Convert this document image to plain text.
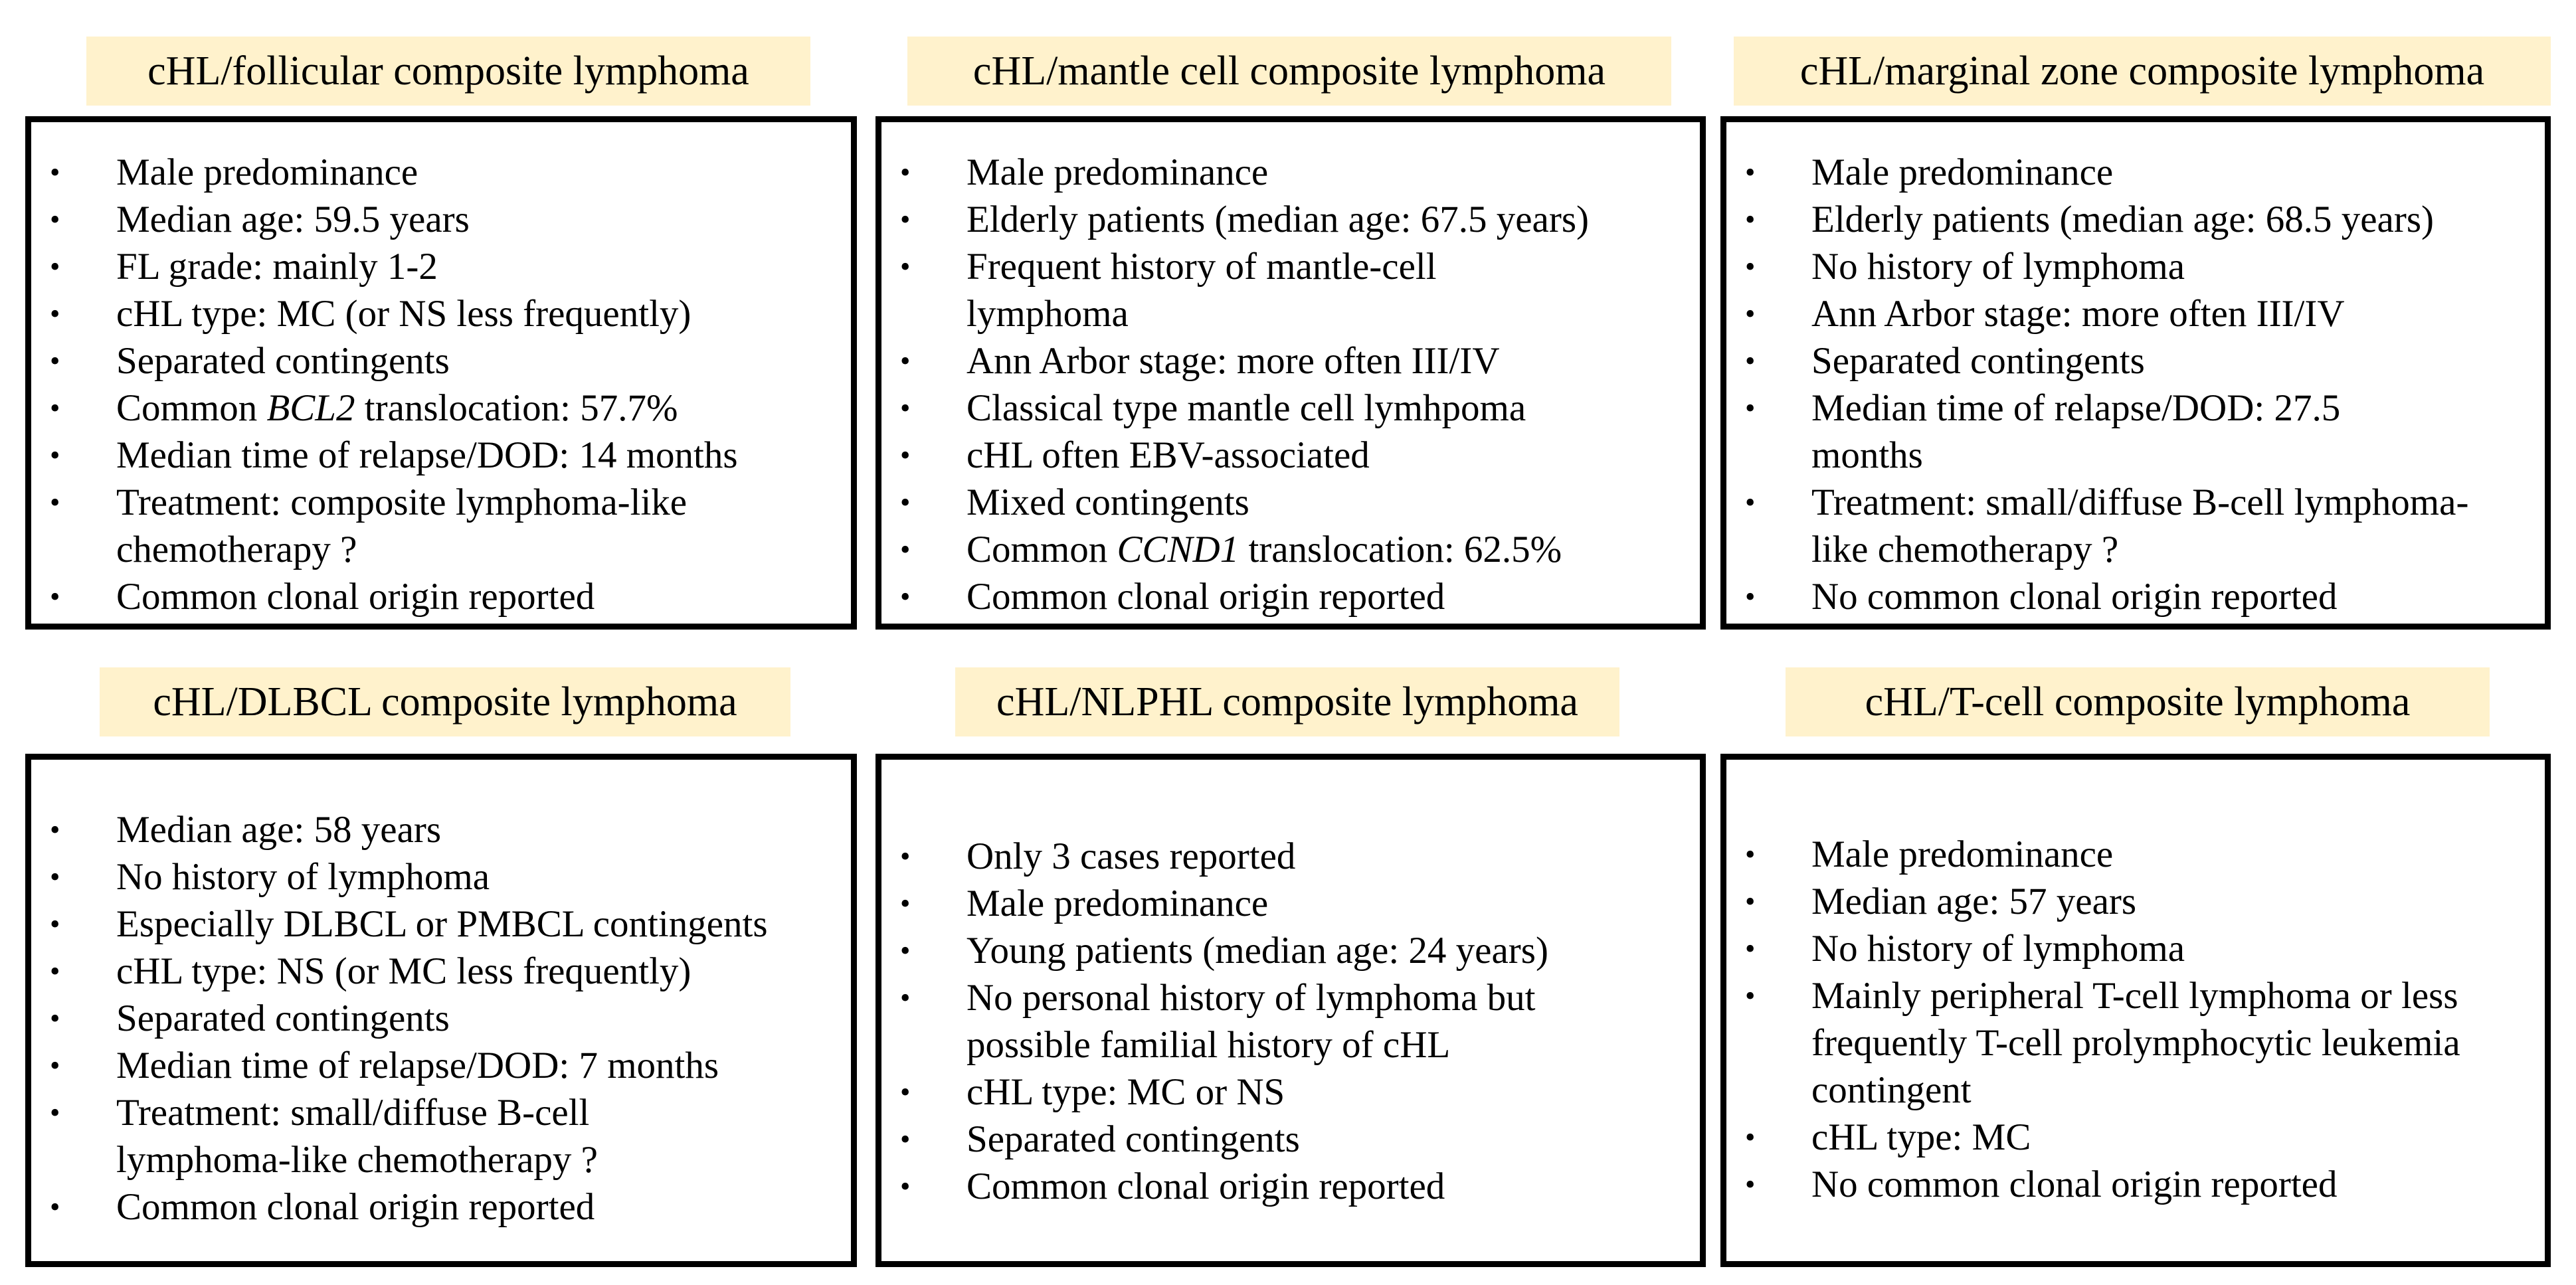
cHL/follicular composite lymphoma
• Male predominance
• Median age: 59.5 years
• FL grade: mainly 1-2
• cHL type: MC (or NS less frequently)
• Separated contingents
• Common BCL2 translocation: 57.7%
• Median time of relapse/DOD: 14 months
• Treatment: composite lymphoma-like chemotherapy ?
• Common clonal origin reported
cHL/mantle cell composite lymphoma
• Male predominance
• Elderly patients (median age: 67.5 years)
• Frequent history of mantle-cell lymphoma
• Ann Arbor stage: more often III/IV
• Classical type mantle cell lymhpoma
• cHL often EBV-associated
• Mixed contingents
• Common CCND1 translocation: 62.5%
• Common clonal origin reported
cHL/marginal zone composite lymphoma
• Male predominance
• Elderly patients (median age: 68.5 years)
• No history of lymphoma
• Ann Arbor stage: more often III/IV
• Separated contingents
• Median time of relapse/DOD: 27.5 months
• Treatment: small/diffuse B-cell lymphoma-like chemotherapy ?
• No common clonal origin reported
cHL/DLBCL composite lymphoma
• Median age: 58 years
• No history of lymphoma
• Especially DLBCL or PMBCL contingents
• cHL type: NS (or MC less frequently)
• Separated contingents
• Median time of relapse/DOD: 7 months
• Treatment: small/diffuse B-cell lymphoma-like chemotherapy ?
• Common clonal origin reported
cHL/NLPHL composite lymphoma
• Only 3 cases reported
• Male predominance
• Young patients (median age: 24 years)
• No personal history of lymphoma but possible familial history of cHL
• cHL type: MC or NS
• Separated contingents
• Common clonal origin reported
cHL/T-cell composite lymphoma
• Male predominance
• Median age: 57 years
• No history of lymphoma
• Mainly peripheral T-cell lymphoma or less frequently T-cell prolymphocytic leukemia contingent
• cHL type: MC
• No common clonal origin reported
